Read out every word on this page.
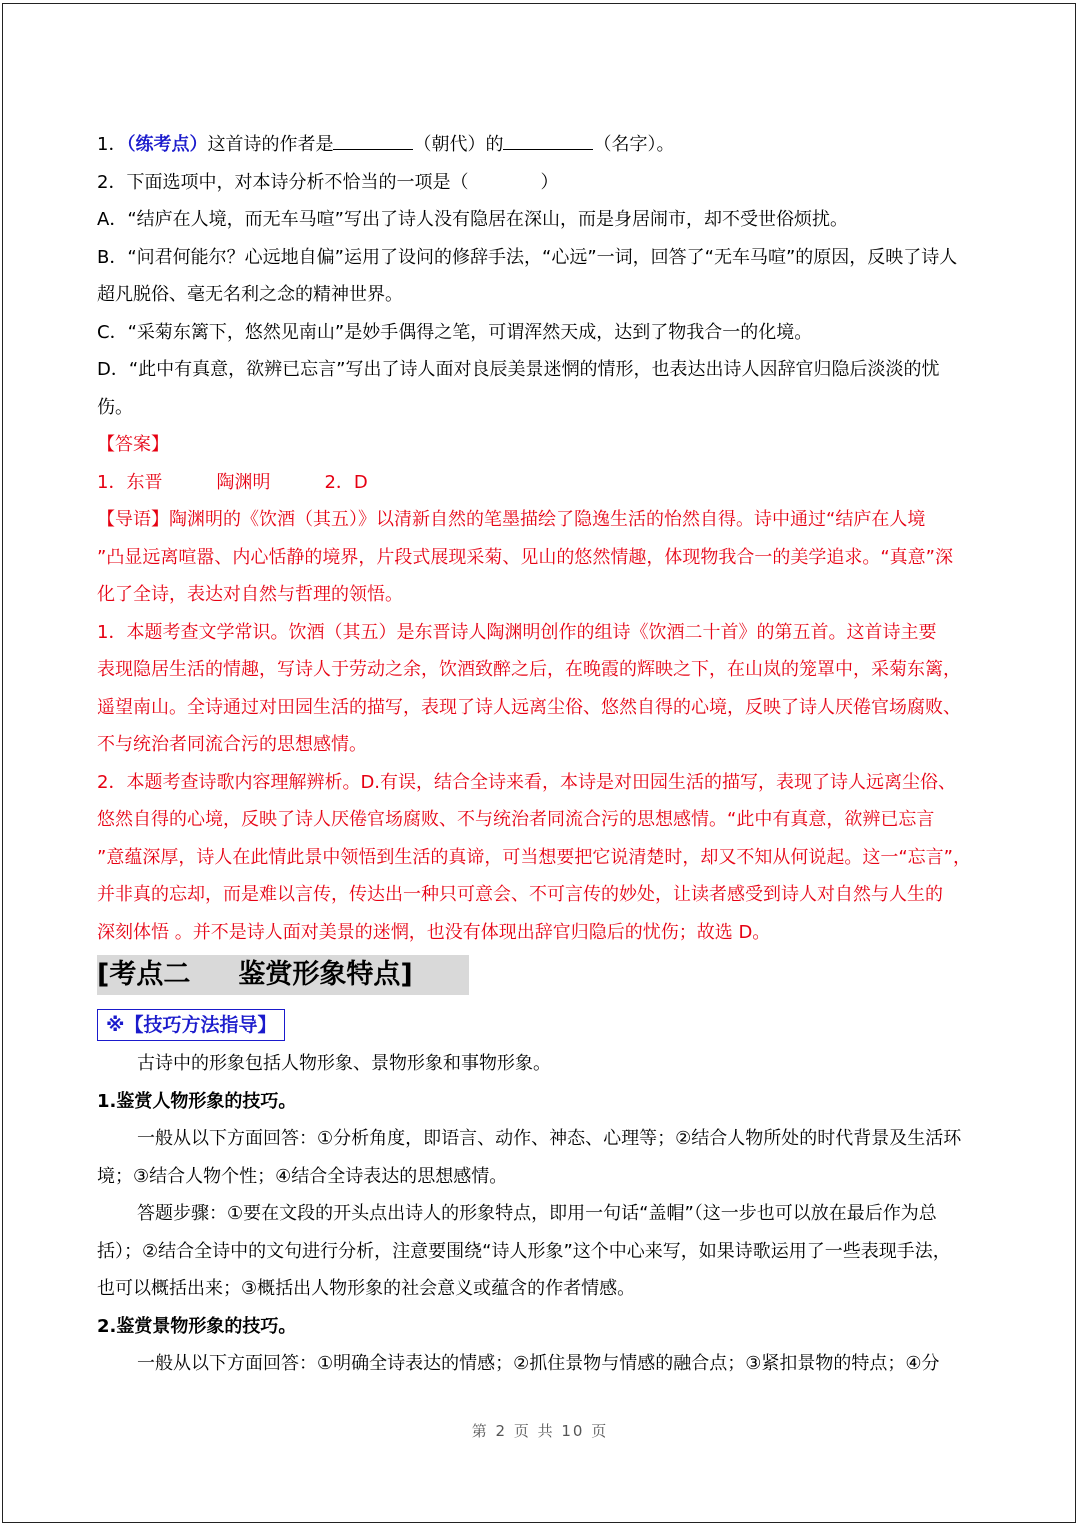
1．（练考点）这首诗的作者是	（朝代）的	（名字）。
2．下面选项中，对本诗分析不恰当的一项是（　　　　）
A．“结庐在人境，而无车马喧”写出了诗人没有隐居在深山，而是身居闹市，却不受世俗烦扰。
B．“问君何能尔？心远地自偏”运用了设问的修辞手法，“心远”一词，回答了“无车马喧”的原因，反映了诗人
超凡脱俗、毫无名利之念的精神世界。
C．“采菊东篱下，悠然见南山”是妙手偶得之笔，可谓浑然天成，达到了物我合一的化境。
D．“此中有真意，欲辨已忘言”写出了诗人面对良辰美景迷惘的情形，也表达出诗人因辞官归隐后淡淡的忧
伤。
【答案】
1．东晋　　　陶渊明　　　2．D
【导语】陶渊明的《饮酒（其五）》以清新自然的笔墨描绘了隐逸生活的怡然自得。诗中通过“结庐在人境
”凸显远离喧嚣、内心恬静的境界，片段式展现采菊、见山的悠然情趣，体现物我合一的美学追求。“真意”深
化了全诗，表达对自然与哲理的领悟。
1．本题考查文学常识。饮酒（其五）是东晋诗人陶渊明创作的组诗《饮酒二十首》的第五首。这首诗主要
表现隐居生活的情趣，写诗人于劳动之余，饮酒致醉之后，在晚霞的辉映之下，在山岚的笼罩中，采菊东篱，
遥望南山。全诗通过对田园生活的描写，表现了诗人远离尘俗、悠然自得的心境，反映了诗人厌倦官场腐败、
不与统治者同流合污的思想感情。
2．本题考查诗歌内容理解辨析。D.有误，结合全诗来看，本诗是对田园生活的描写，表现了诗人远离尘俗、
悠然自得的心境，反映了诗人厌倦官场腐败、不与统治者同流合污的思想感情。“此中有真意，欲辨已忘言
”意蕴深厚，诗人在此情此景中领悟到生活的真谛，可当想要把它说清楚时，却又不知从何说起。这一“忘言”，
并非真的忘却，而是难以言传，传达出一种只可意会、不可言传的妙处，让读者感受到诗人对自然与人生的
深刻体悟 。并不是诗人面对美景的迷惘，也没有体现出辞官归隐后的忧伤；故选 D。
[考点二 鉴赏形象特点]
※【技巧方法指导】
古诗中的形象包括人物形象、景物形象和事物形象。
1.鉴赏人物形象的技巧。
一般从以下方面回答：①分析角度，即语言、动作、神态、心理等；②结合人物所处的时代背景及生活环
境；③结合人物个性；④结合全诗表达的思想感情。
答题步骤：①要在文段的开头点出诗人的形象特点，即用一句话“盖帽”（这一步也可以放在最后作为总
括）；②结合全诗中的文句进行分析，注意要围绕“诗人形象”这个中心来写，如果诗歌运用了一些表现手法，
也可以概括出来；③概括出人物形象的社会意义或蕴含的作者情感。
2.鉴赏景物形象的技巧。
一般从以下方面回答：①明确全诗表达的情感；②抓住景物与情感的融合点；③紧扣景物的特点；④分
第 2 页 共 10 页
